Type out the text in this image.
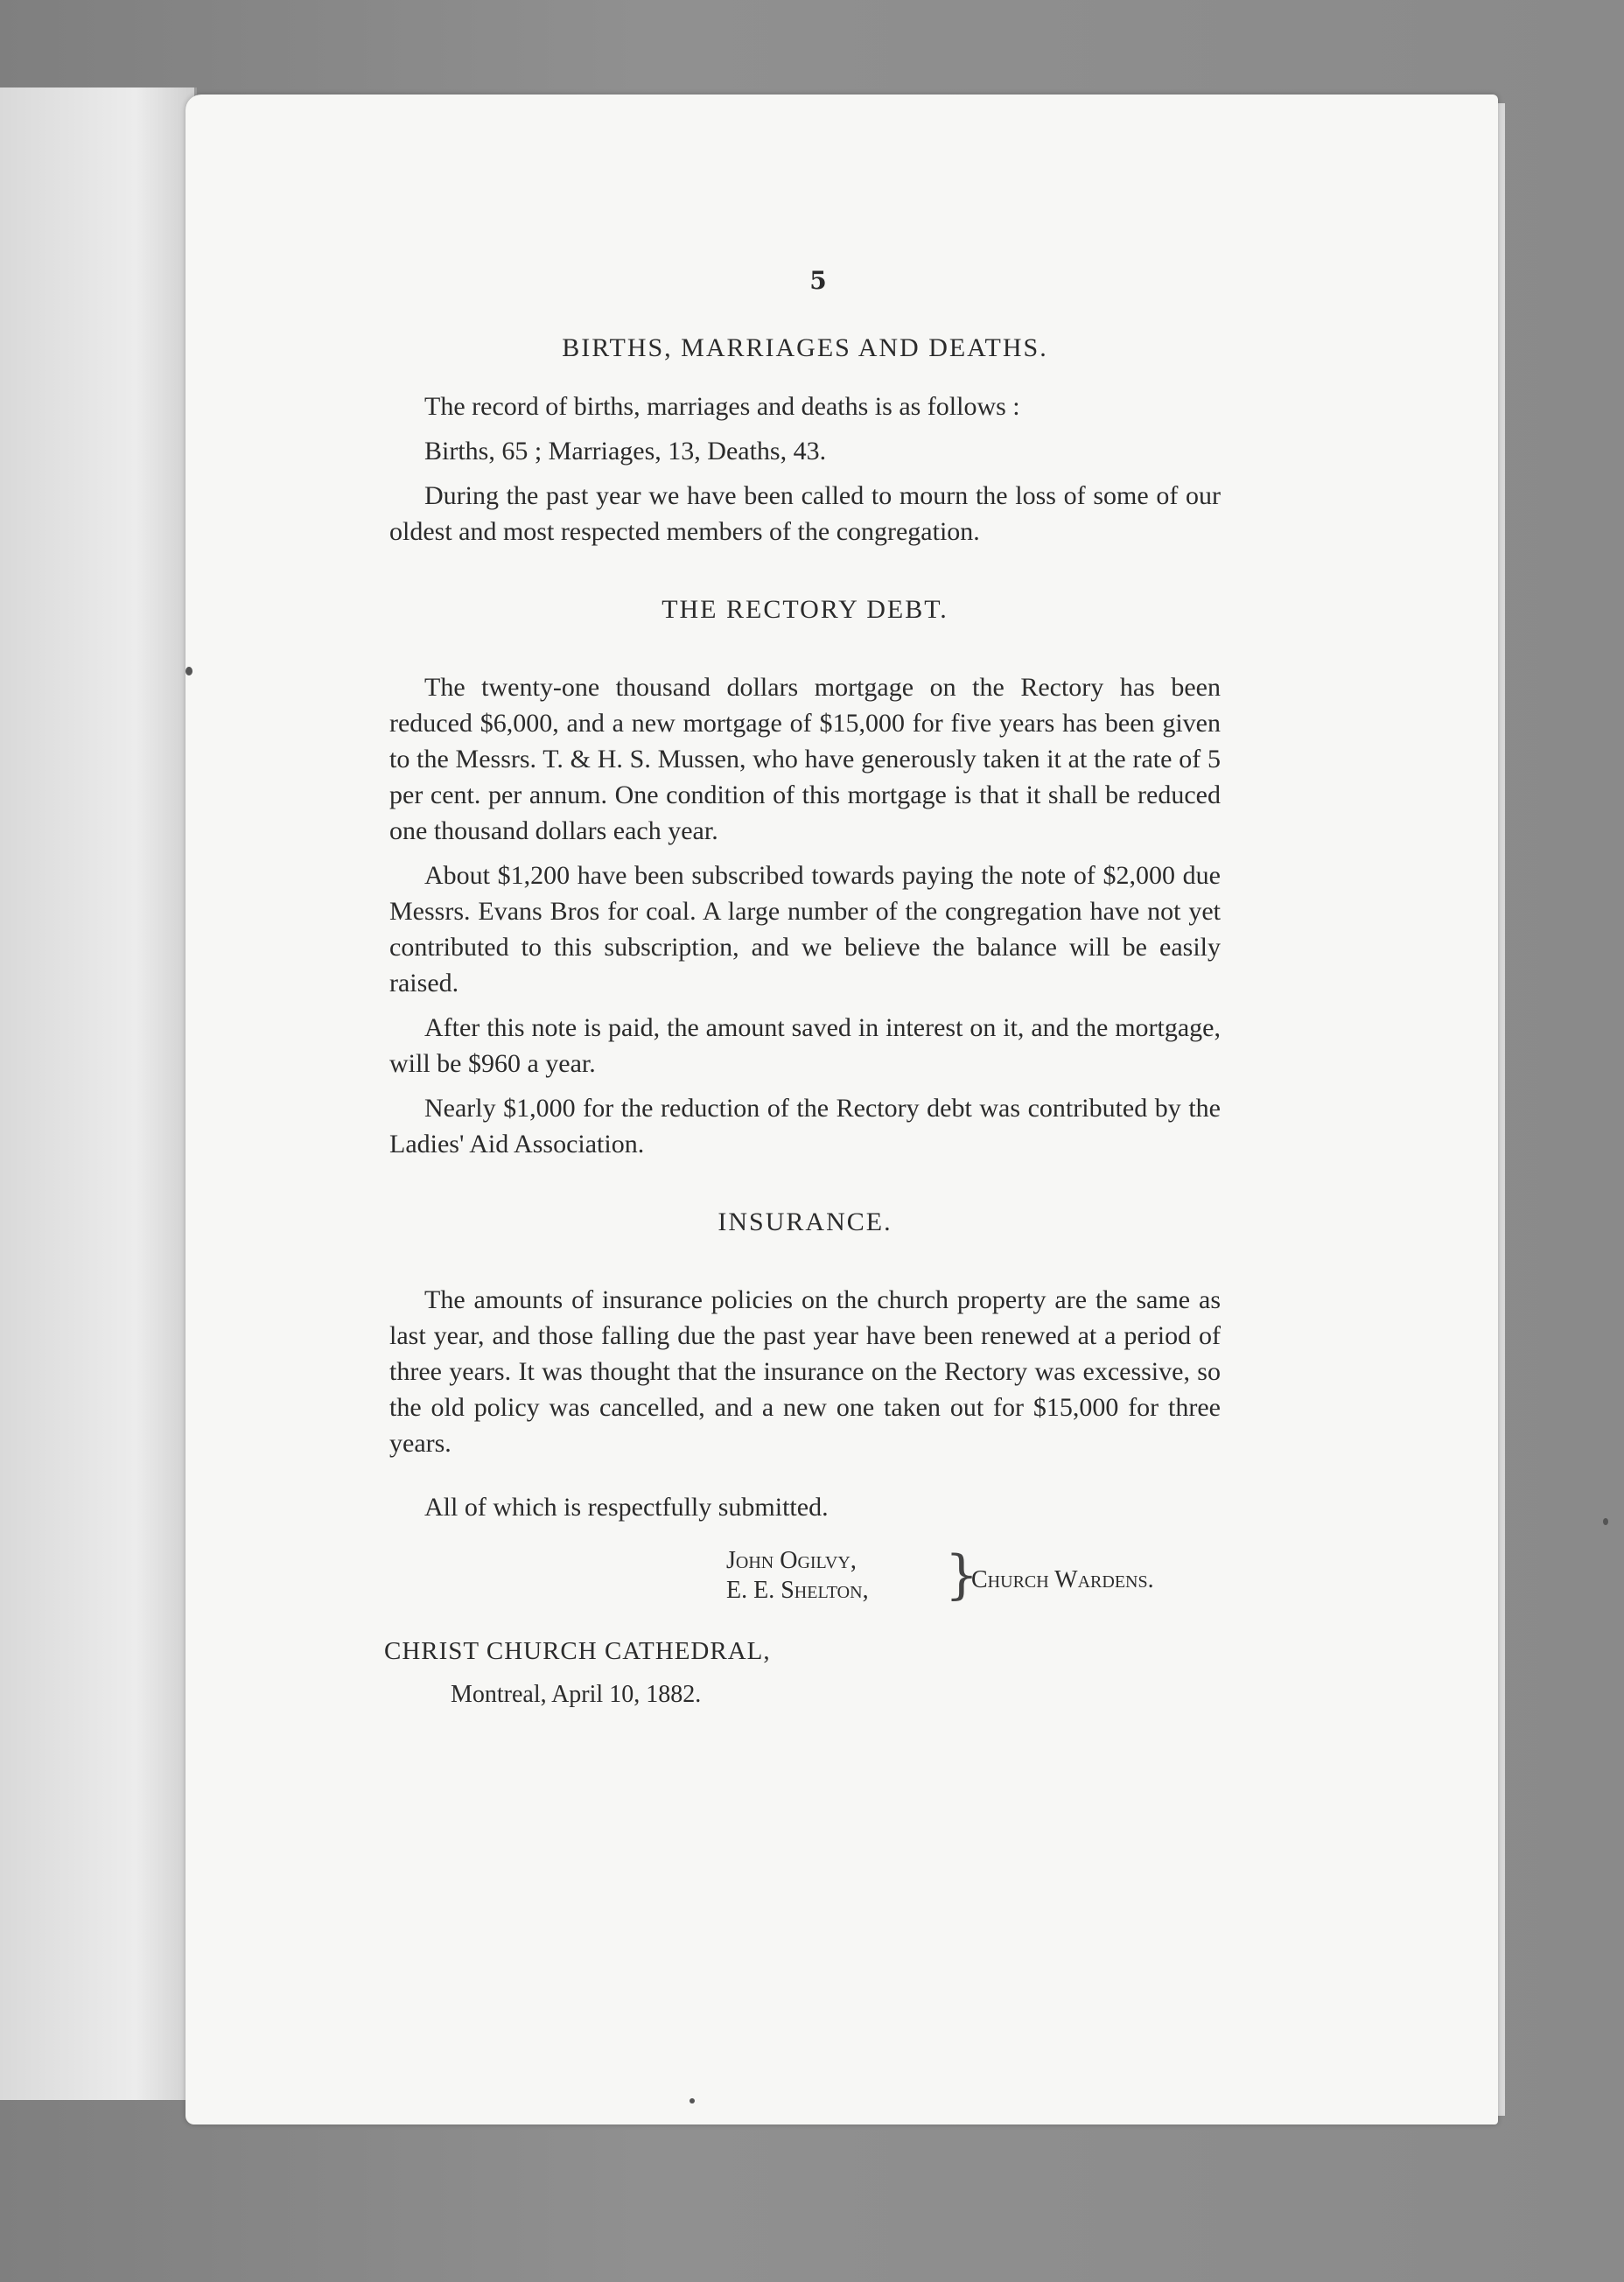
5
BIRTHS, MARRIAGES AND DEATHS.

The record of births, marriages and deaths is as follows :

Births, 65 ; Marriages, 13, Deaths, 43.

During the past year we have been called to mourn the loss of some of our oldest and most respected members of the congregation.

THE RECTORY DEBT.

The twenty-one thousand dollars mortgage on the Rectory has been reduced $6,000, and a new mortgage of $15,000 for five years has been given to the Messrs. T. & H. S. Mussen, who have generously taken it at the rate of 5 per cent. per annum. One condition of this mortgage is that it shall be reduced one thousand dollars each year.

About $1,200 have been subscribed towards paying the note of $2,000 due Messrs. Evans Bros for coal. A large number of the congregation have not yet contributed to this subscription, and we believe the balance will be easily raised.

After this note is paid, the amount saved in interest on it, and the mortgage, will be $960 a year.

Nearly $1,000 for the reduction of the Rectory debt was contributed by the Ladies' Aid Association.

INSURANCE.

The amounts of insurance policies on the church property are the same as last year, and those falling due the past year have been renewed at a period of three years. It was thought that the insurance on the Rectory was excessive, so the old policy was cancelled, and a new one taken out for $15,000 for three years.

All of which is respectfully submitted.

John Ogilvy,
E. E. Shelton,	}
Church Wardens.

CHRIST CHURCH CATHEDRAL,

Montreal, April 10, 1882.
